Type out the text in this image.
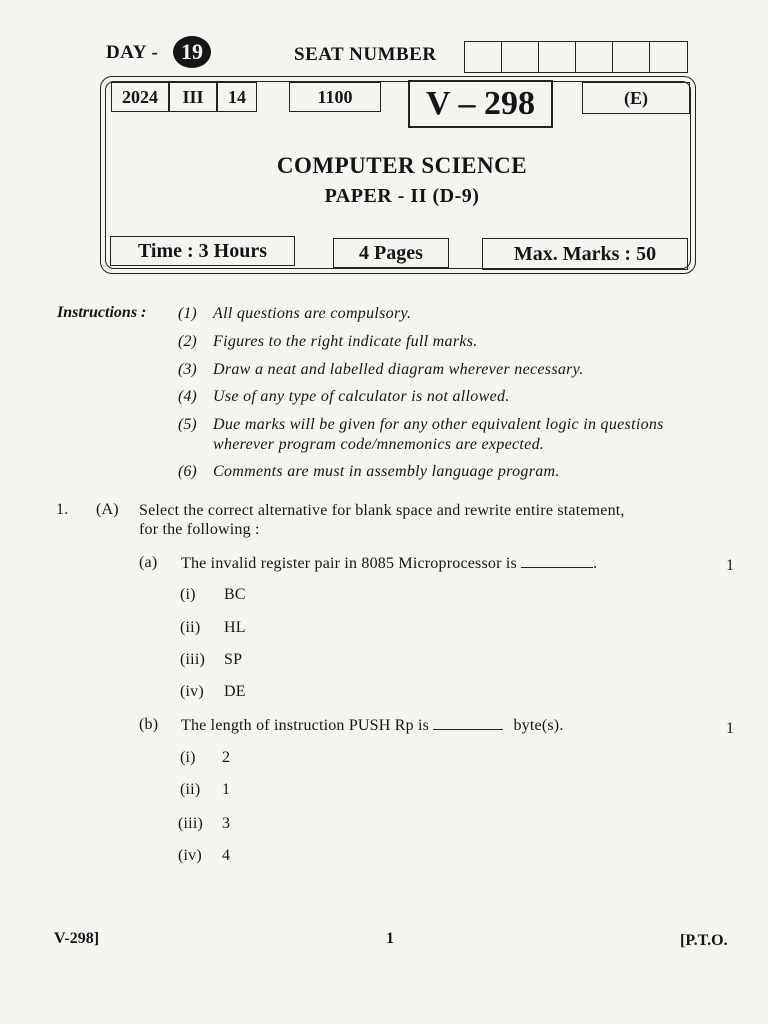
DAY -	19	SEAT NUMBER
2024	III	14	1100	V – 298	(E)
COMPUTER SCIENCE
PAPER - II (D-9)
Time : 3 Hours	4 Pages	Max. Marks : 50
Instructions : (1) All questions are compulsory.
(2) Figures to the right indicate full marks.
(3) Draw a neat and labelled diagram wherever necessary.
(4) Use of any type of calculator is not allowed.
(5) Due marks will be given for any other equivalent logic in questions
wherever program code/mnemonics are expected.
(6) Comments are must in assembly language program.
1. (A) Select the correct alternative for blank space and rewrite entire statement,
for the following :
(a) The invalid register pair in 8085 Microprocessor is	.	1
(i) BC
(ii) HL
(iii) SP
(iv) DE
(b) The length of instruction PUSH Rp is	byte(s).	1
(i) 2
(ii) 1
(iii) 3
(iv) 4
V-298]	1	[P.T.O.
